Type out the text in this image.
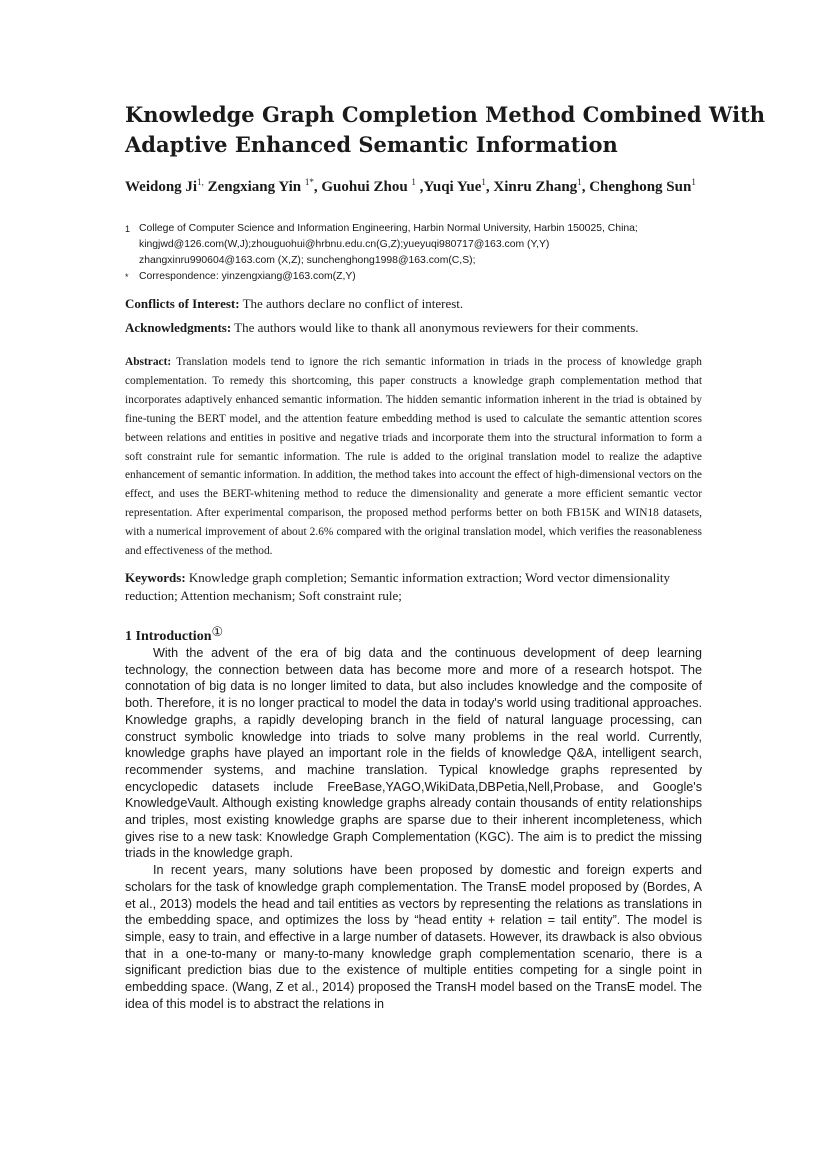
Knowledge Graph Completion Method Combined With
Adaptive Enhanced Semantic Information
Weidong $Ji^{1,}$ Zengxiang Yin $^{1*}$, Guohui Zhou $^1$ ,Yuqi Yue$^1$, Xinru Zhang$^1$, Chenghong Sun$^1$
1 College of Computer Science and Information Engineering, Harbin Normal University, Harbin 150025, China;
kingjwd@126.com(W,J);zhouguohui@hrbnu.edu.cn(G,Z);yueyuqi980717@163.com (Y,Y)
zhangxinru990604@163.com (X,Z); sunchenghong1998@163.com(C,S);
* Correspondence: yinzengxiang@163.com(Z,Y)
Conflicts of Interest: The authors declare no conflict of interest.
Acknowledgments: The authors would like to thank all anonymous reviewers for their comments.
Abstract: Translation models tend to ignore the rich semantic information in triads in the process of knowledge graph complementation. To remedy this shortcoming, this paper constructs a knowledge graph complementation method that incorporates adaptively enhanced semantic information. The hidden semantic information inherent in the triad is obtained by fine-tuning the BERT model, and the attention feature embedding method is used to calculate the semantic attention scores between relations and entities in positive and negative triads and incorporate them into the structural information to form a soft constraint rule for semantic information. The rule is added to the original translation model to realize the adaptive enhancement of semantic information. In addition, the method takes into account the effect of high-dimensional vectors on the effect, and uses the BERT-whitening method to reduce the dimensionality and generate a more efficient semantic vector representation. After experimental comparison, the proposed method performs better on both FB15K and WIN18 datasets, with a numerical improvement of about 2.6% compared with the original translation model, which verifies the reasonableness and effectiveness of the method.
Keywords: Knowledge graph completion; Semantic information extraction; Word vector dimensionality reduction; Attention mechanism; Soft constraint rule;
1 Introduction①

With the advent of the era of big data and the continuous development of deep learning technology, the connection between data has become more and more of a research hotspot. The connotation of big data is no longer limited to data, but also includes knowledge and the composite of both. Therefore, it is no longer practical to model the data in today's world using traditional approaches. Knowledge graphs, a rapidly developing branch in the field of natural language processing, can construct symbolic knowledge into triads to solve many problems in the real world. Currently, knowledge graphs have played an important role in the fields of knowledge Q&A, intelligent search, recommender systems, and machine translation. Typical knowledge graphs represented by encyclopedic datasets include FreeBase,YAGO,WikiData,DBPetia,Nell,Probase, and Google's KnowledgeVault. Although existing knowledge graphs already contain thousands of entity relationships and triples, most existing knowledge graphs are sparse due to their inherent incompleteness, which gives rise to a new task: Knowledge Graph Complementation (KGC). The aim is to predict the missing triads in the knowledge graph.

In recent years, many solutions have been proposed by domestic and foreign experts and scholars for the task of knowledge graph complementation. The TransE model proposed by (Bordes, A et al., 2013) models the head and tail entities as vectors by representing the relations as translations in the embedding space, and optimizes the loss by “head entity + relation = tail entity”. The model is simple, easy to train, and effective in a large number of datasets. However, its drawback is also obvious that in a one-to-many or many-to-many knowledge graph complementation scenario, there is a significant prediction bias due to the existence of multiple entities competing for a single point in embedding space. (Wang, Z et al., 2014) proposed the TransH model based on the TransE model. The idea of this model is to abstract the relations in
